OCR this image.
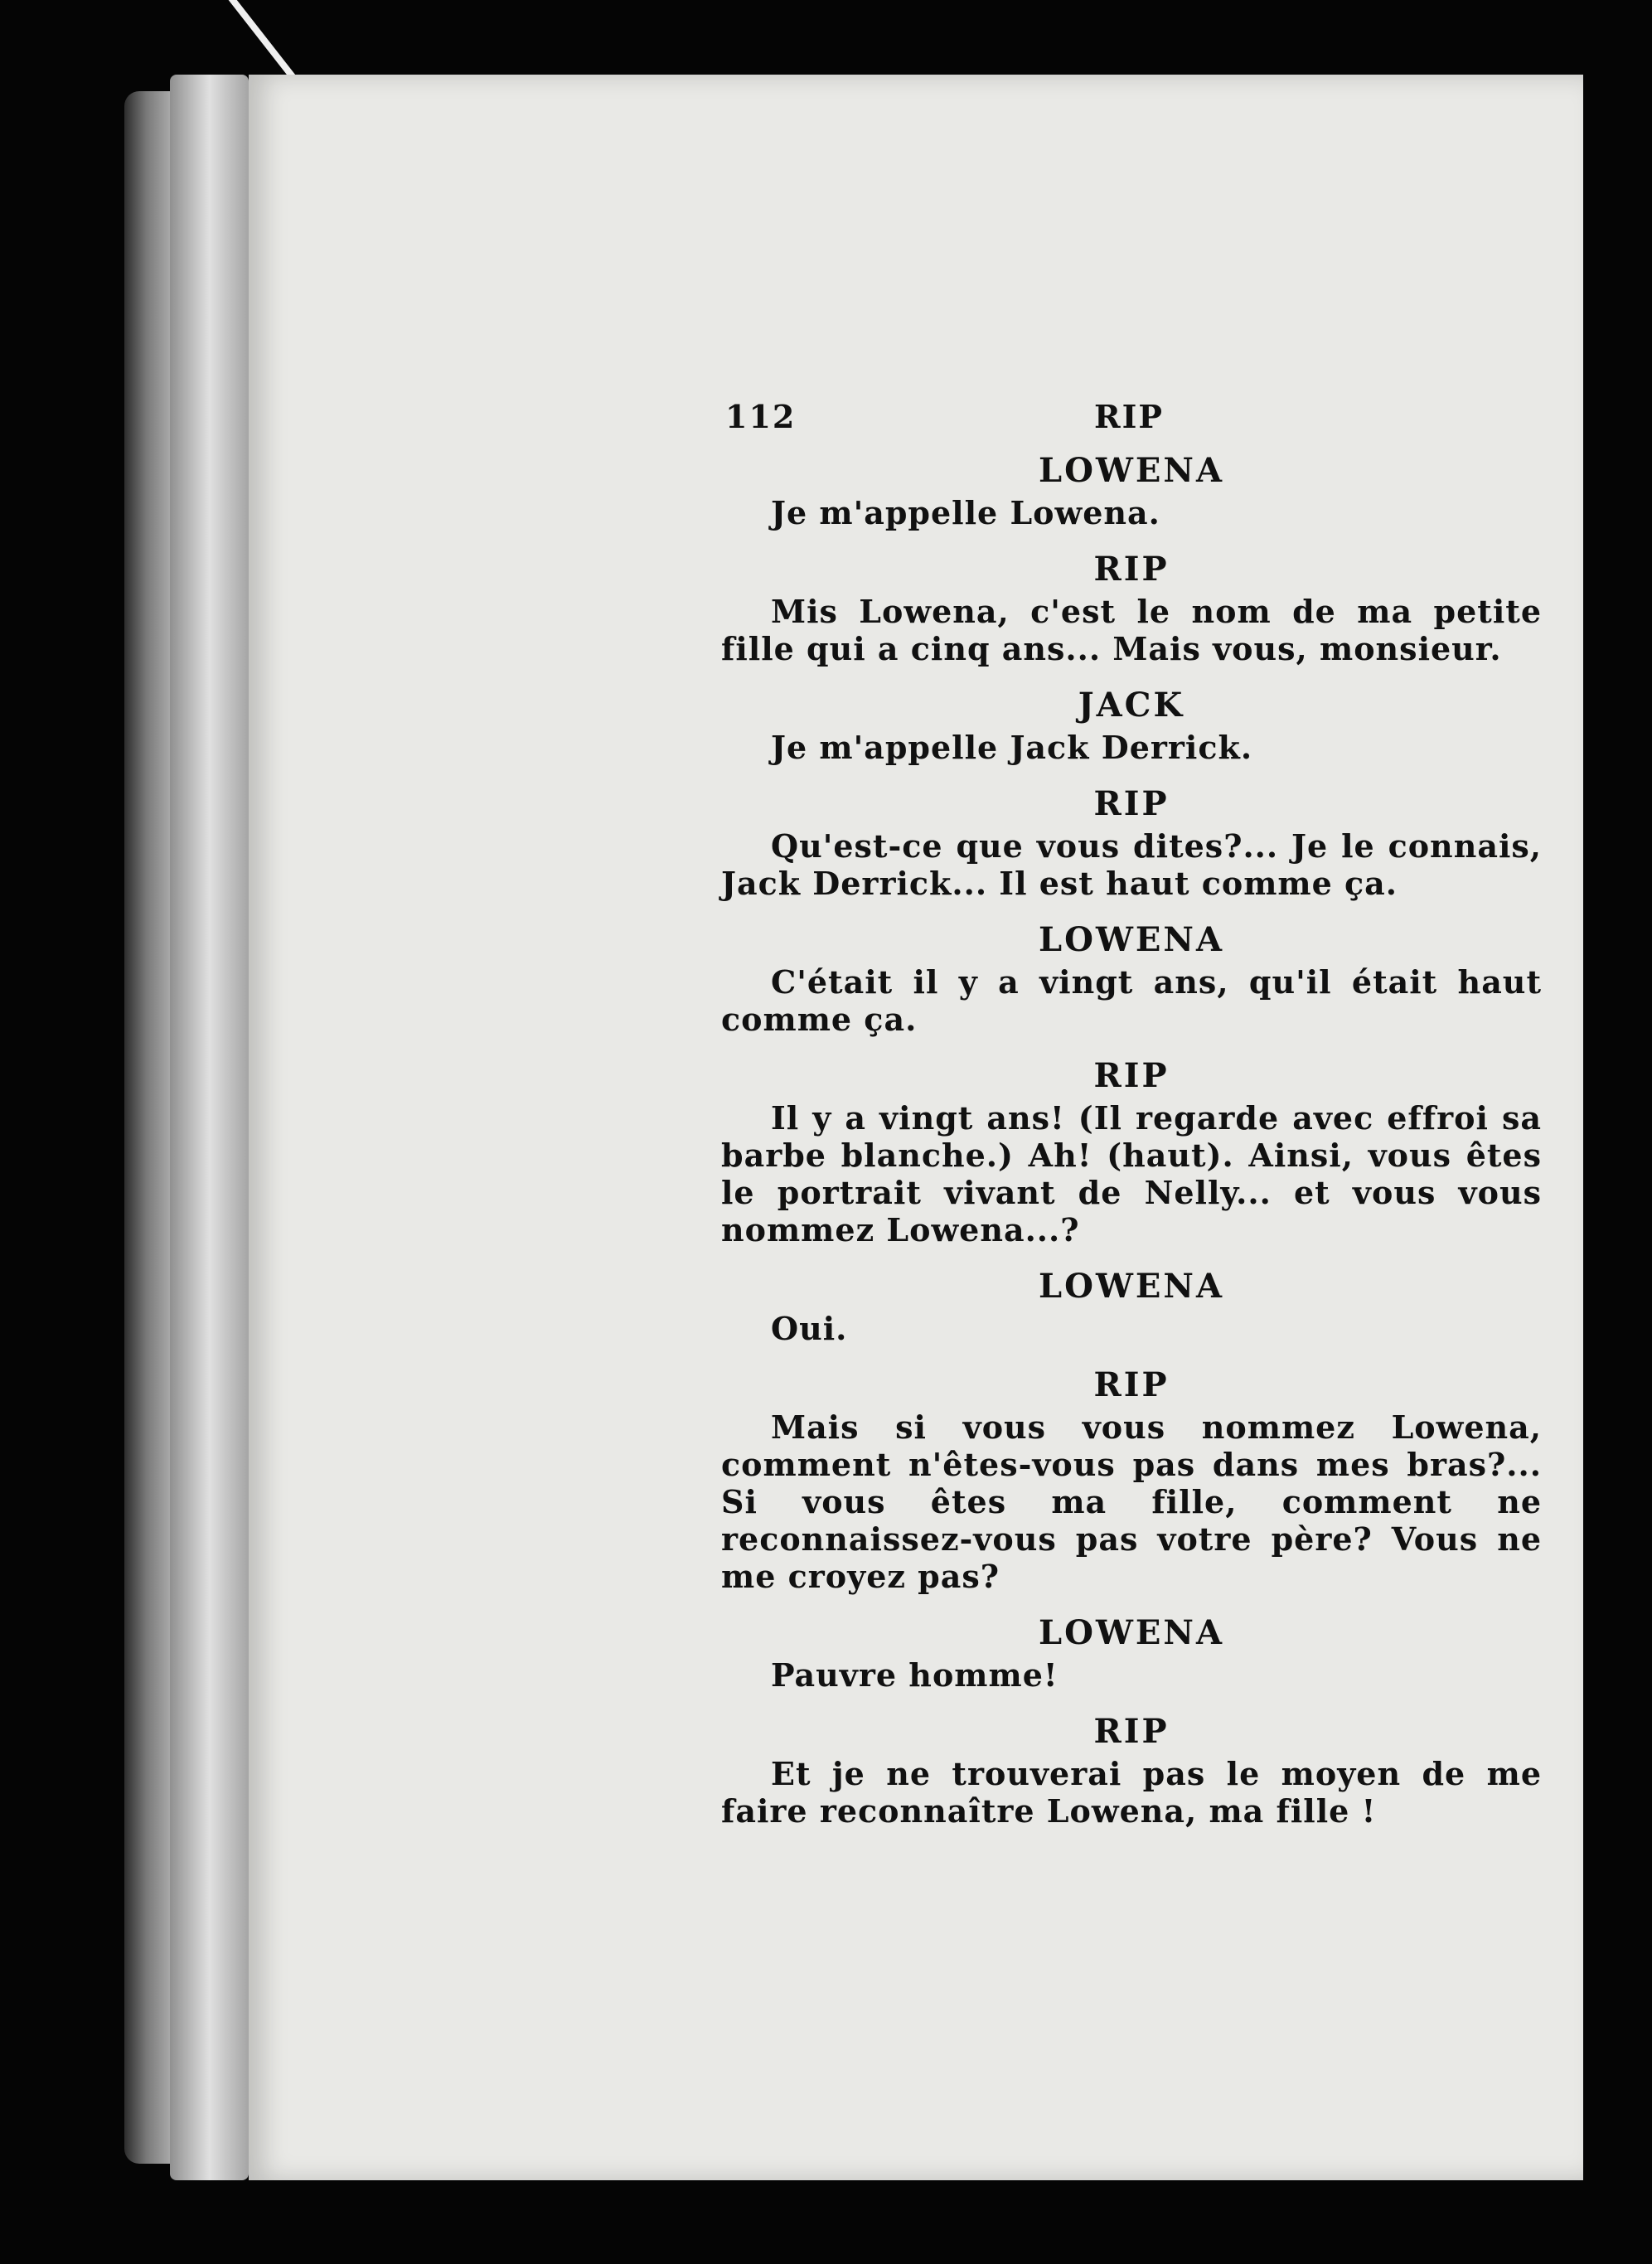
112	RIP

LOWENA

Je m'appelle Lowena.

RIP

Mis Lowena, c'est le nom de ma petite fille qui a cinq ans... Mais vous, monsieur.

JACK

Je m'appelle Jack Derrick.

RIP

Qu'est-ce que vous dites?... Je le connais, Jack Derrick... Il est haut comme ça.

LOWENA

C'était il y a vingt ans, qu'il était haut comme ça.

RIP

Il y a vingt ans! (Il regarde avec effroi sa barbe blanche.) Ah! (haut). Ainsi, vous êtes le portrait vivant de Nelly... et vous vous nommez Lowena...?

LOWENA

Oui.

RIP

Mais si vous vous nommez Lowena, comment n'êtes-vous pas dans mes bras?... Si vous êtes ma fille, comment ne reconnaissez-vous pas votre père? Vous ne me croyez pas?

LOWENA

Pauvre homme!

RIP

Et je ne trouverai pas le moyen de me faire reconnaître Lowena, ma fille !
